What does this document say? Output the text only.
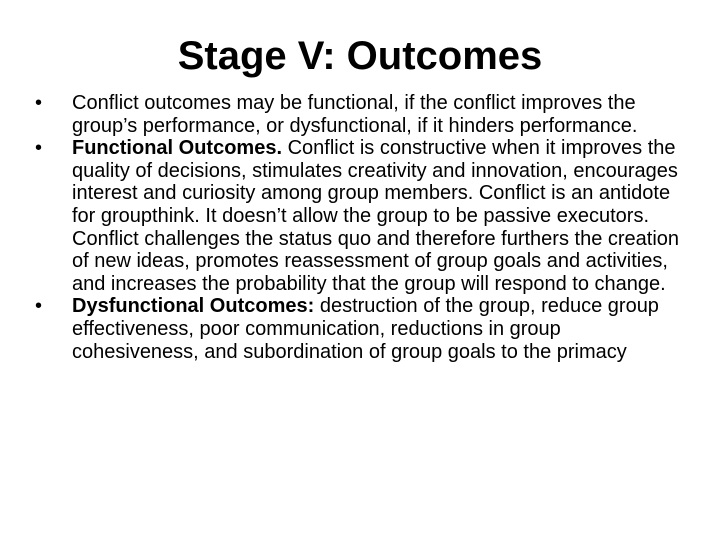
Stage V: Outcomes
•	Conflict outcomes may be functional, if the conflict improves the group’s performance, or dysfunctional, if it hinders performance.
•	Functional Outcomes. Conflict is constructive when it improves the quality of decisions, stimulates creativity and innovation, encourages interest and curiosity among group members. Conflict is an antidote for groupthink. It doesn’t allow the group to be passive executors. Conflict challenges the status quo and therefore furthers the creation of new ideas, promotes reassessment of group goals and activities, and increases the probability that the group will respond to change.
•	Dysfunctional Outcomes: destruction of the group, reduce group effectiveness, poor communication, reductions in group cohesiveness, and subordination of group goals to the primacy
